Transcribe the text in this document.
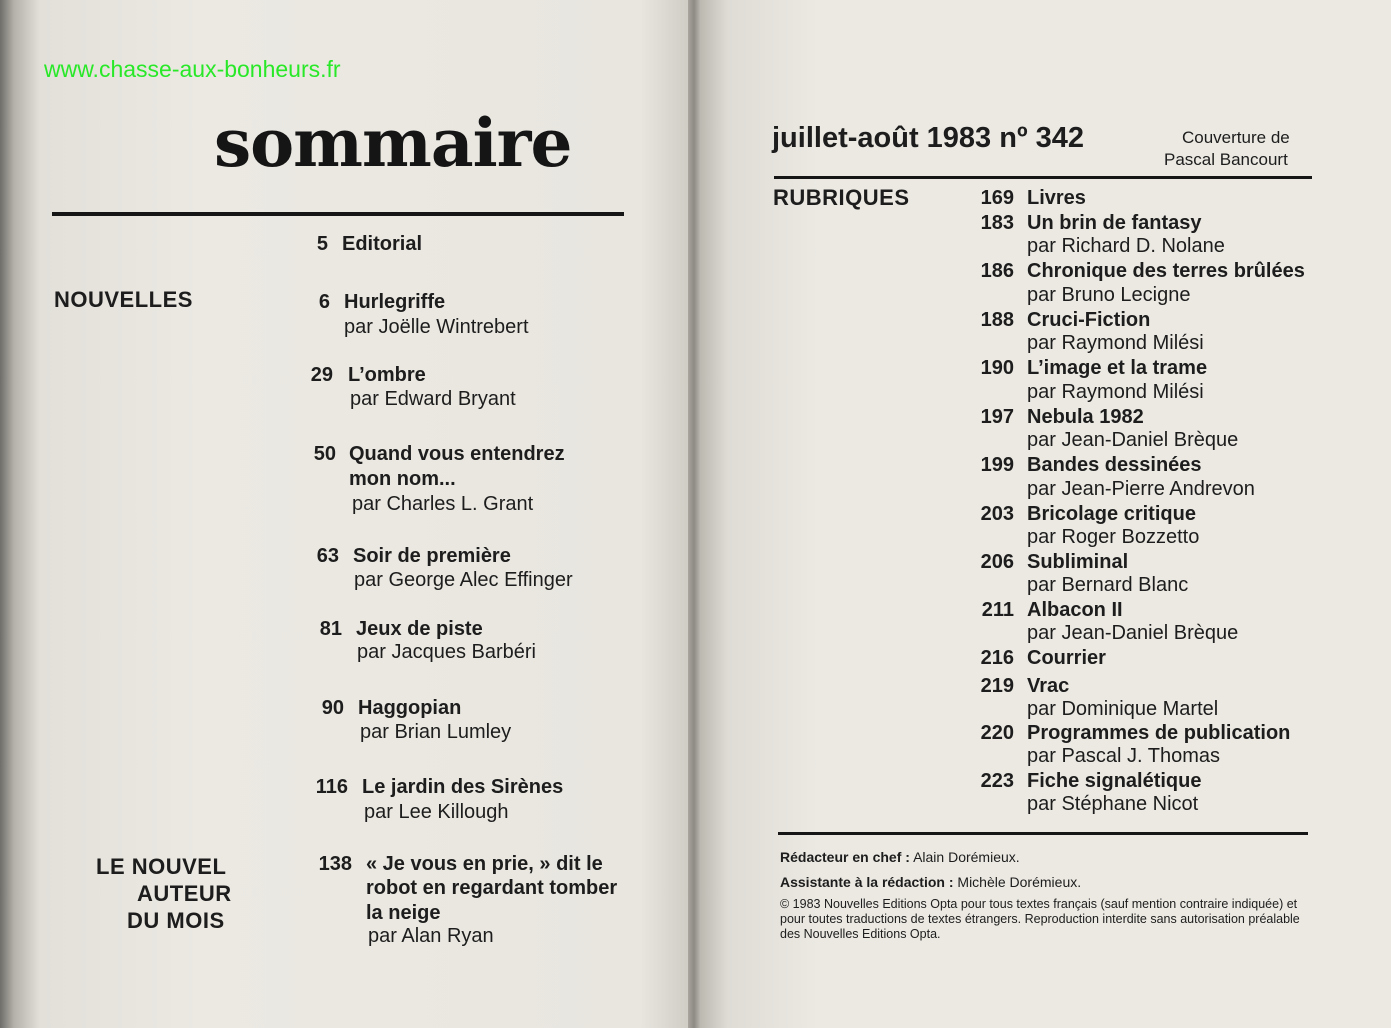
www.chasse-aux-bonheurs.fr
sommaire
5 Editorial
NOUVELLES	6 Hurlegriffe
par Joëlle Wintrebert
29 L’ombre
par Edward Bryant
50 Quand vous entendrez
mon nom...
par Charles L. Grant
63 Soir de première
par George Alec Effinger
81 Jeux de piste
par Jacques Barbéri
90 Haggopian
par Brian Lumley
116 Le jardin des Sirènes
par Lee Killough
138 « Je vous en prie, » dit le
robot en regardant tomber
la neige
par Alan Ryan
LE NOUVEL
AUTEUR
DU MOIS
juillet-août 1983 nº 342	Couverture de
Pascal Bancourt
RUBRIQUES	169 Livres
183 Un brin de fantasy
par Richard D. Nolane
186 Chronique des terres brûlées
par Bruno Lecigne
188 Cruci-Fiction
par Raymond Milési
190 L’image et la trame
par Raymond Milési
197 Nebula 1982
par Jean-Daniel Brèque
199 Bandes dessinées
par Jean-Pierre Andrevon
203 Bricolage critique
par Roger Bozzetto
206 Subliminal
par Bernard Blanc
211 Albacon II
par Jean-Daniel Brèque
216 Courrier
219 Vrac
par Dominique Martel
220 Programmes de publication
par Pascal J. Thomas
223 Fiche signalétique
par Stéphane Nicot
Rédacteur en chef : Alain Dorémieux.
Assistante à la rédaction : Michèle Dorémieux.
© 1983 Nouvelles Editions Opta pour tous textes français (sauf mention contraire indiquée) et pour toutes traductions de textes étrangers. Reproduction interdite sans autorisation préalable des Nouvelles Editions Opta.
